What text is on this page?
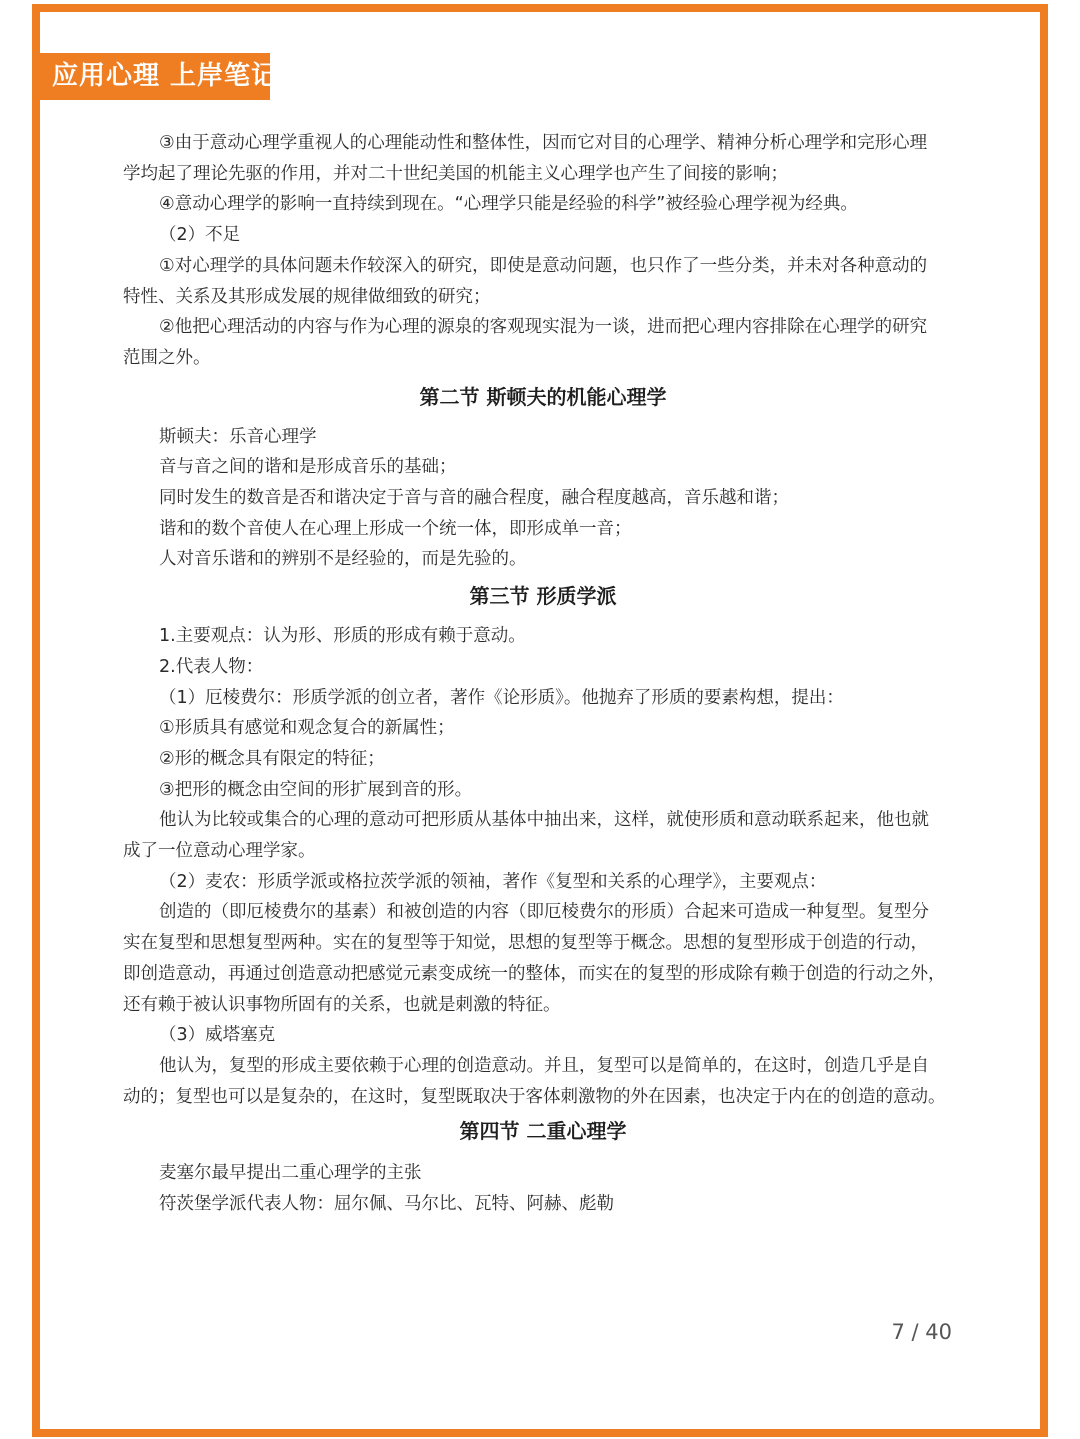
应用心理 上岸笔记

③由于意动心理学重视人的心理能动性和整体性，因而它对目的心理学、精神分析心理学和完形心理

学均起了理论先驱的作用，并对二十世纪美国的机能主义心理学也产生了间接的影响；

④意动心理学的影响一直持续到现在。“心理学只能是经验的科学”被经验心理学视为经典。

（2）不足

①对心理学的具体问题未作较深入的研究，即使是意动问题，也只作了一些分类，并未对各种意动的

特性、关系及其形成发展的规律做细致的研究；

②他把心理活动的内容与作为心理的源泉的客观现实混为一谈，进而把心理内容排除在心理学的研究

范围之外。

第二节 斯顿夫的机能心理学

斯顿夫：乐音心理学

音与音之间的谐和是形成音乐的基础；

同时发生的数音是否和谐决定于音与音的融合程度，融合程度越高，音乐越和谐；

谐和的数个音使人在心理上形成一个统一体，即形成单一音；

人对音乐谐和的辨别不是经验的，而是先验的。

第三节 形质学派

1.主要观点：认为形、形质的形成有赖于意动。

2.代表人物：

（1）厄棱费尔：形质学派的创立者，著作《论形质》。他抛弃了形质的要素构想，提出：

①形质具有感觉和观念复合的新属性；

②形的概念具有限定的特征；

③把形的概念由空间的形扩展到音的形。

他认为比较或集合的心理的意动可把形质从基体中抽出来，这样，就使形质和意动联系起来，他也就

成了一位意动心理学家。

（2）麦农：形质学派或格拉茨学派的领袖，著作《复型和关系的心理学》，主要观点：

创造的（即厄棱费尔的基素）和被创造的内容（即厄棱费尔的形质）合起来可造成一种复型。复型分

实在复型和思想复型两种。实在的复型等于知觉，思想的复型等于概念。思想的复型形成于创造的行动，

即创造意动，再通过创造意动把感觉元素变成统一的整体，而实在的复型的形成除有赖于创造的行动之外，

还有赖于被认识事物所固有的关系，也就是刺激的特征。

（3）威塔塞克

他认为，复型的形成主要依赖于心理的创造意动。并且，复型可以是简单的，在这时，创造几乎是自

动的；复型也可以是复杂的，在这时，复型既取决于客体刺激物的外在因素，也决定于内在的创造的意动。

第四节 二重心理学

麦塞尔最早提出二重心理学的主张

符茨堡学派代表人物：屈尔佩、马尔比、瓦特、阿赫、彪勒

7 / 40
